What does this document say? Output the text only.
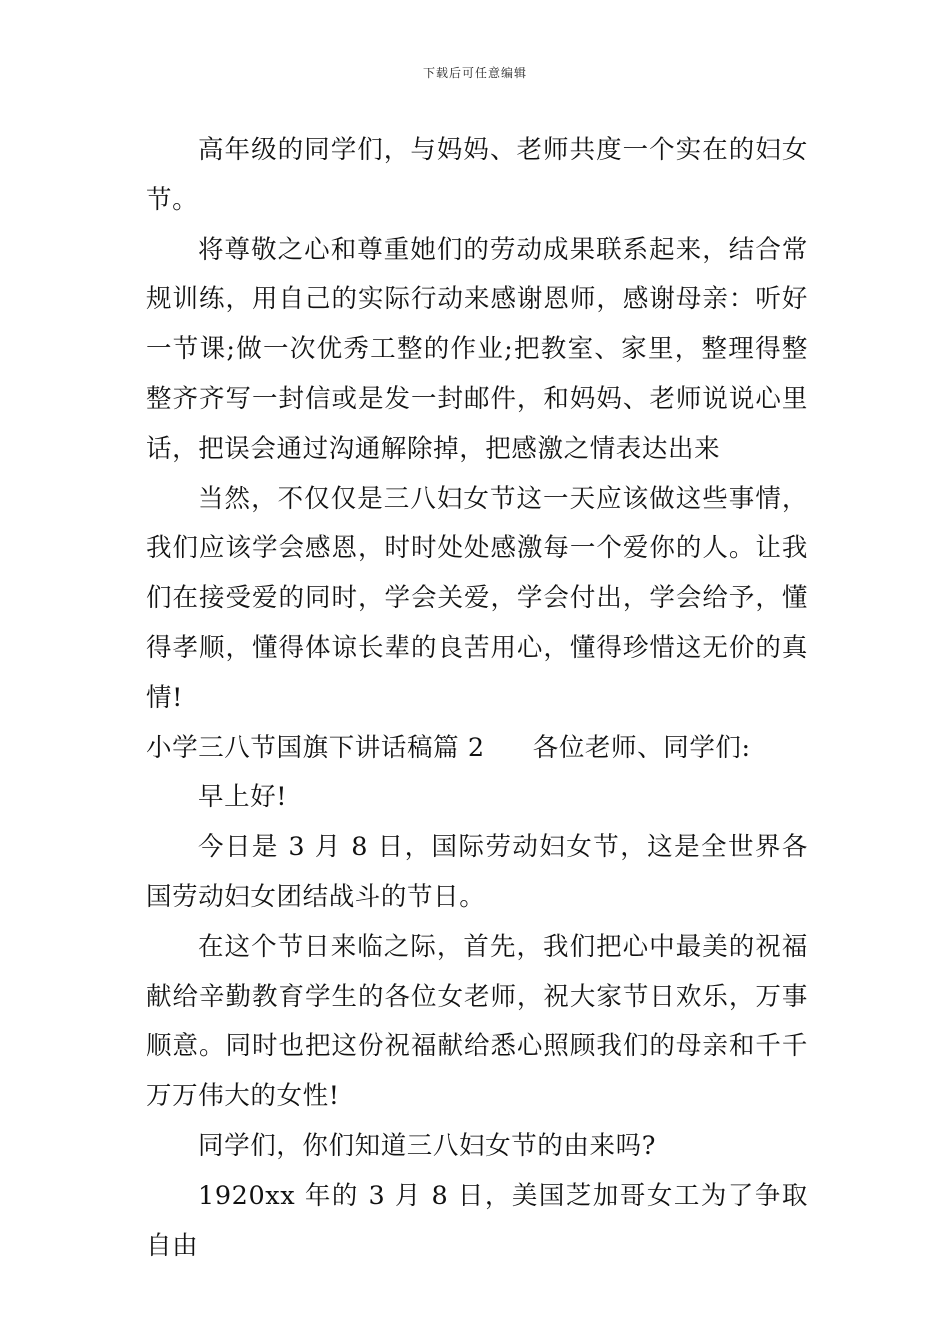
下载后可任意编辑

高年级的同学们，与妈妈、老师共度一个实在的妇女节。

将尊敬之心和尊重她们的劳动成果联系起来，结合常规训练，用自己的实际行动来感谢恩师，感谢母亲：听好一节课;做一次优秀工整的作业;把教室、家里，整理得整整齐齐写一封信或是发一封邮件，和妈妈、老师说说心里话，把误会通过沟通解除掉，把感激之情表达出来

当然，不仅仅是三八妇女节这一天应该做这些事情，我们应该学会感恩，时时处处感激每一个爱你的人。让我们在接受爱的同时，学会关爱，学会付出，学会给予，懂得孝顺，懂得体谅长辈的良苦用心，懂得珍惜这无价的真情!

小学三八节国旗下讲话稿篇 2 各位老师、同学们:

早上好!

今日是 3 月 8 日，国际劳动妇女节，这是全世界各国劳动妇女团结战斗的节日。

在这个节日来临之际，首先，我们把心中最美的祝福献给辛勤教育学生的各位女老师，祝大家节日欢乐，万事顺意。同时也把这份祝福献给悉心照顾我们的母亲和千千万万伟大的女性!

同学们，你们知道三八妇女节的由来吗?

1920xx 年的 3 月 8 日，美国芝加哥女工为了争取自由
